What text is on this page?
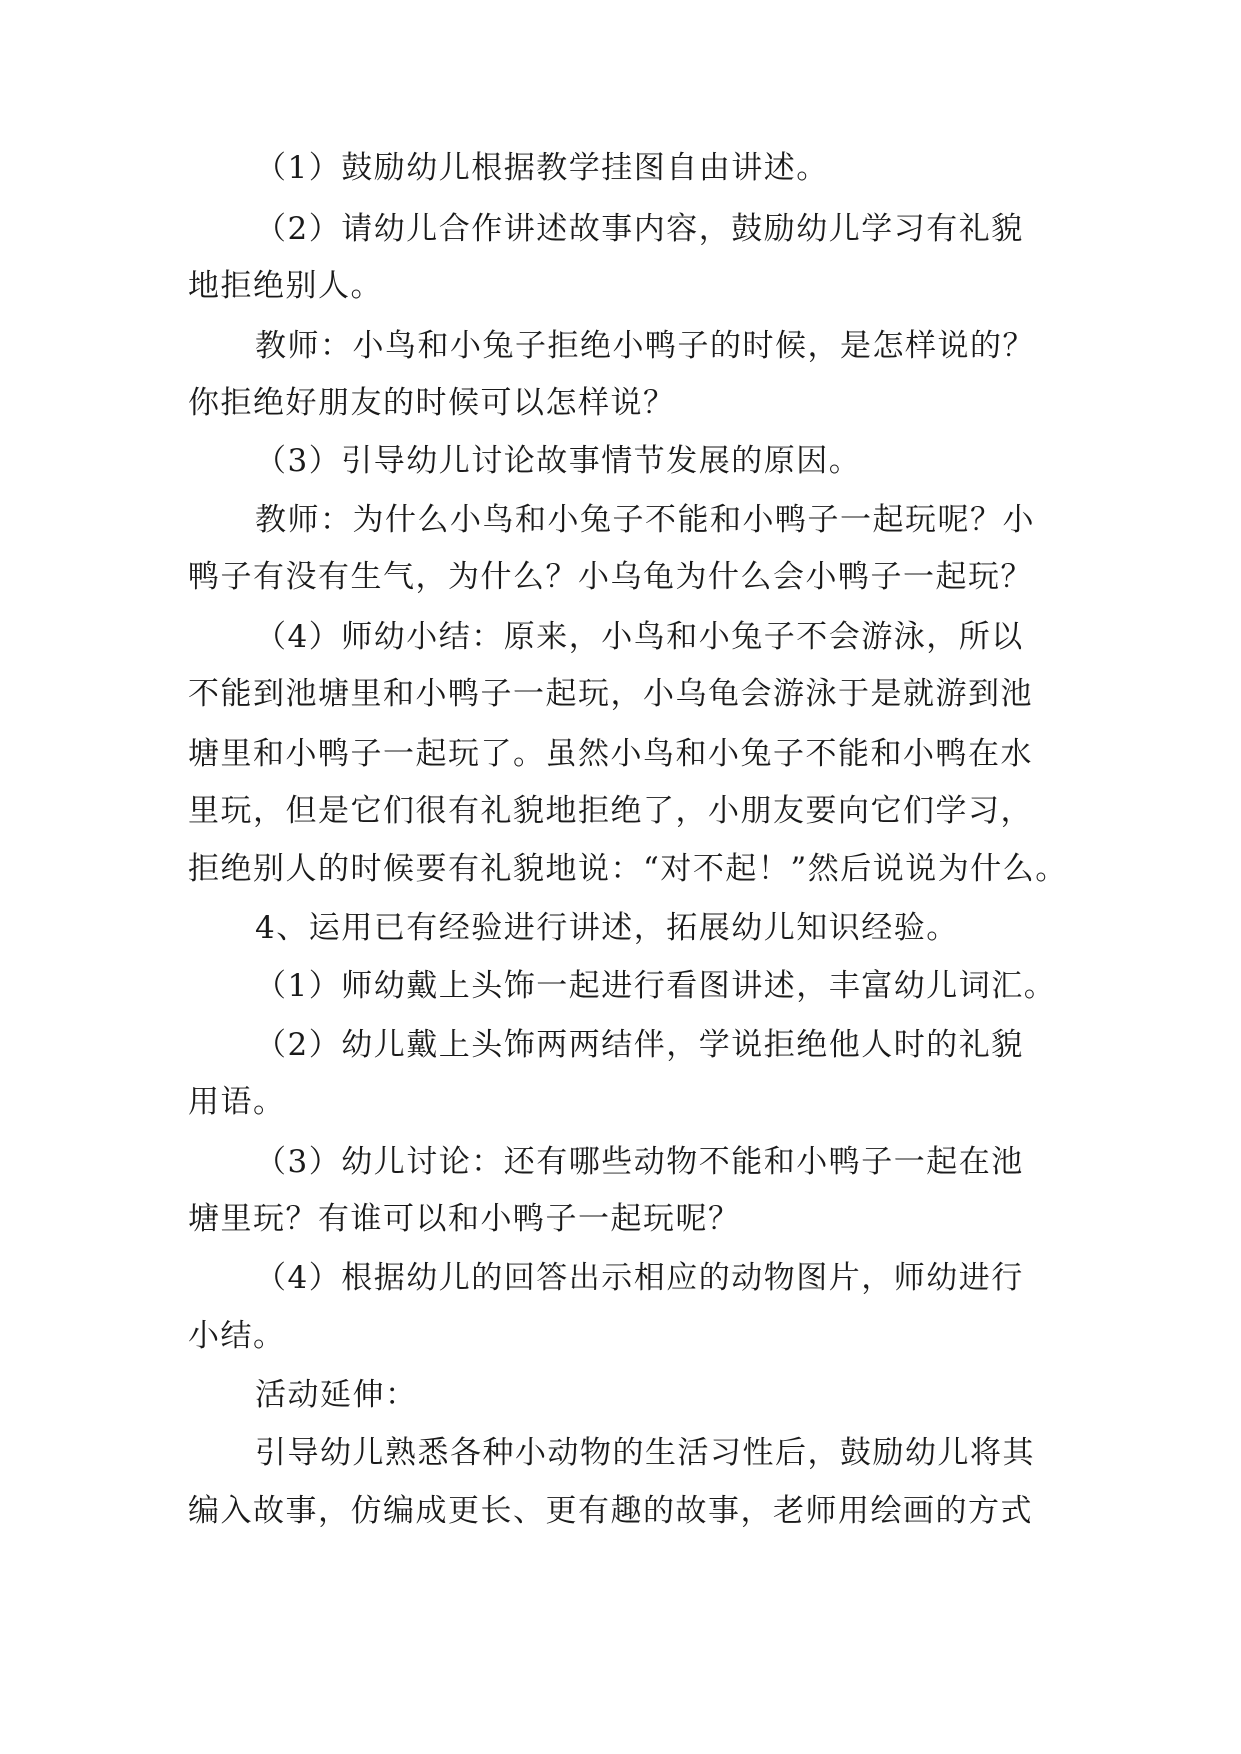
（1）鼓励幼儿根据教学挂图自由讲述。
（2）请幼儿合作讲述故事内容，鼓励幼儿学习有礼貌
地拒绝别人。
教师：小鸟和小兔子拒绝小鸭子的时候，是怎样说的？
你拒绝好朋友的时候可以怎样说？
（3）引导幼儿讨论故事情节发展的原因。
教师：为什么小鸟和小兔子不能和小鸭子一起玩呢？小
鸭子有没有生气，为什么？小乌龟为什么会小鸭子一起玩？
（4）师幼小结：原来，小鸟和小兔子不会游泳，所以
不能到池塘里和小鸭子一起玩，小乌龟会游泳于是就游到池
塘里和小鸭子一起玩了。虽然小鸟和小兔子不能和小鸭在水
里玩，但是它们很有礼貌地拒绝了，小朋友要向它们学习，
拒绝别人的时候要有礼貌地说：“对不起！”然后说说为什么。
4、运用已有经验进行讲述，拓展幼儿知识经验。
（1）师幼戴上头饰一起进行看图讲述，丰富幼儿词汇。
（2）幼儿戴上头饰两两结伴，学说拒绝他人时的礼貌
用语。
（3）幼儿讨论：还有哪些动物不能和小鸭子一起在池
塘里玩？有谁可以和小鸭子一起玩呢？
（4）根据幼儿的回答出示相应的动物图片，师幼进行
小结。
活动延伸：
引导幼儿熟悉各种小动物的生活习性后，鼓励幼儿将其
编入故事，仿编成更长、更有趣的故事，老师用绘画的方式
